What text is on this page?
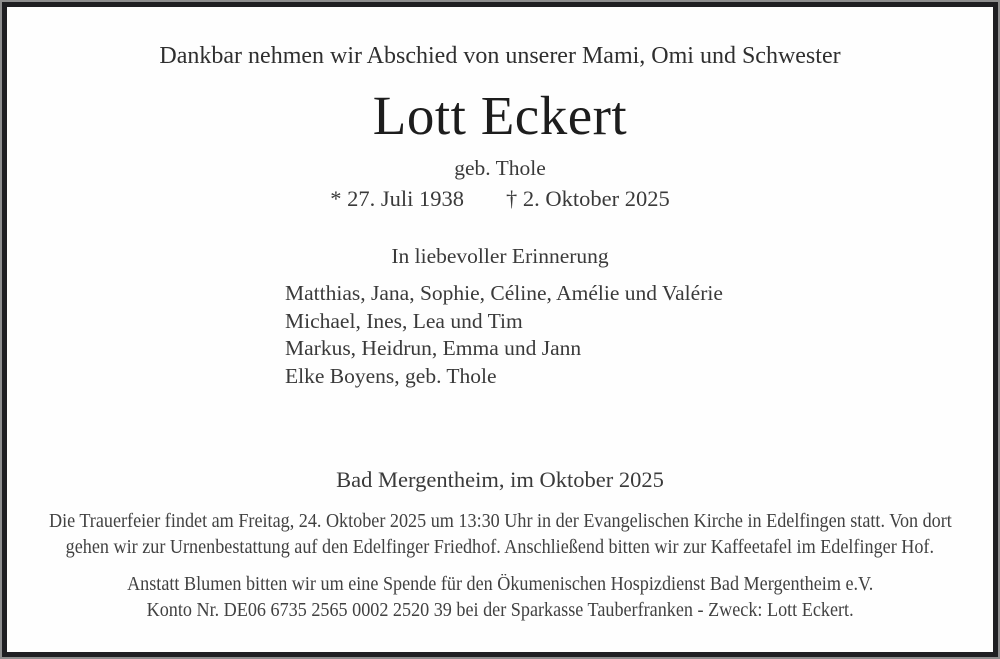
Dankbar nehmen wir Abschied von unserer Mami, Omi und Schwester
Lott Eckert
geb. Thole
* 27. Juli 1938 † 2. Oktober 2025
In liebevoller Erinnerung

Matthias, Jana, Sophie, Céline, Amélie und Valérie

Michael, Ines, Lea und Tim

Markus, Heidrun, Emma und Jann

Elke Boyens, geb. Thole

Bad Mergentheim, im Oktober 2025
Die Trauerfeier findet am Freitag, 24. Oktober 2025 um 13:30 Uhr in der Evangelischen Kirche in Edelfingen statt. Von dort
gehen wir zur Urnenbestattung auf den Edelfinger Friedhof. Anschließend bitten wir zur Kaffeetafel im Edelfinger Hof.
Anstatt Blumen bitten wir um eine Spende für den Ökumenischen Hospizdienst Bad Mergentheim e.V.
Konto Nr. DE06 6735 2565 0002 2520 39 bei der Sparkasse Tauberfranken - Zweck: Lott Eckert.
